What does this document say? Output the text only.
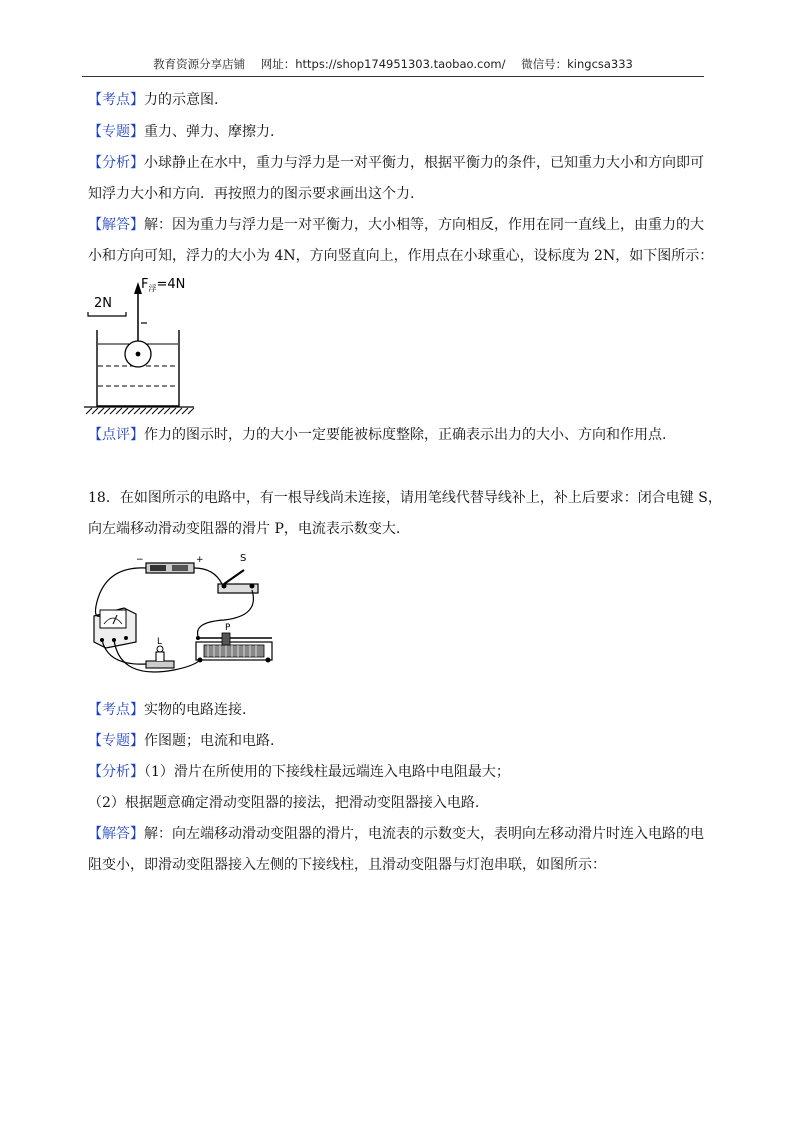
教育资源分享店铺 网址：https://shop174951303.taobao.com/ 微信号：kingcsa333
【考点】力的示意图.
【专题】重力、弹力、摩擦力.
【分析】小球静止在水中，重力与浮力是一对平衡力，根据平衡力的条件，已知重力大小和方向即可
知浮力大小和方向．再按照力的图示要求画出这个力.
【解答】解：因为重力与浮力是一对平衡力，大小相等，方向相反，作用在同一直线上，由重力的大
小和方向可知，浮力的大小为 4N，方向竖直向上，作用点在小球重心，设标度为 2N，如下图所示：
2N
$F_浮=4N$
【点评】作力的图示时，力的大小一定要能被标度整除，正确表示出力的大小、方向和作用点.
18．在如图所示的电路中，有一根导线尚未连接，请用笔线代替导线补上，补上后要求：闭合电键 S，
向左端移动滑动变阻器的滑片 P，电流表示数变大.
−	+	S
L
P
【考点】实物的电路连接.
【专题】作图题；电流和电路.
【分析】（1）滑片在所使用的下接线柱最远端连入电路中电阻最大；
（2）根据题意确定滑动变阻器的接法，把滑动变阻器接入电路.
【解答】解：向左端移动滑动变阻器的滑片，电流表的示数变大，表明向左移动滑片时连入电路的电
阻变小，即滑动变阻器接入左侧的下接线柱，且滑动变阻器与灯泡串联，如图所示：
